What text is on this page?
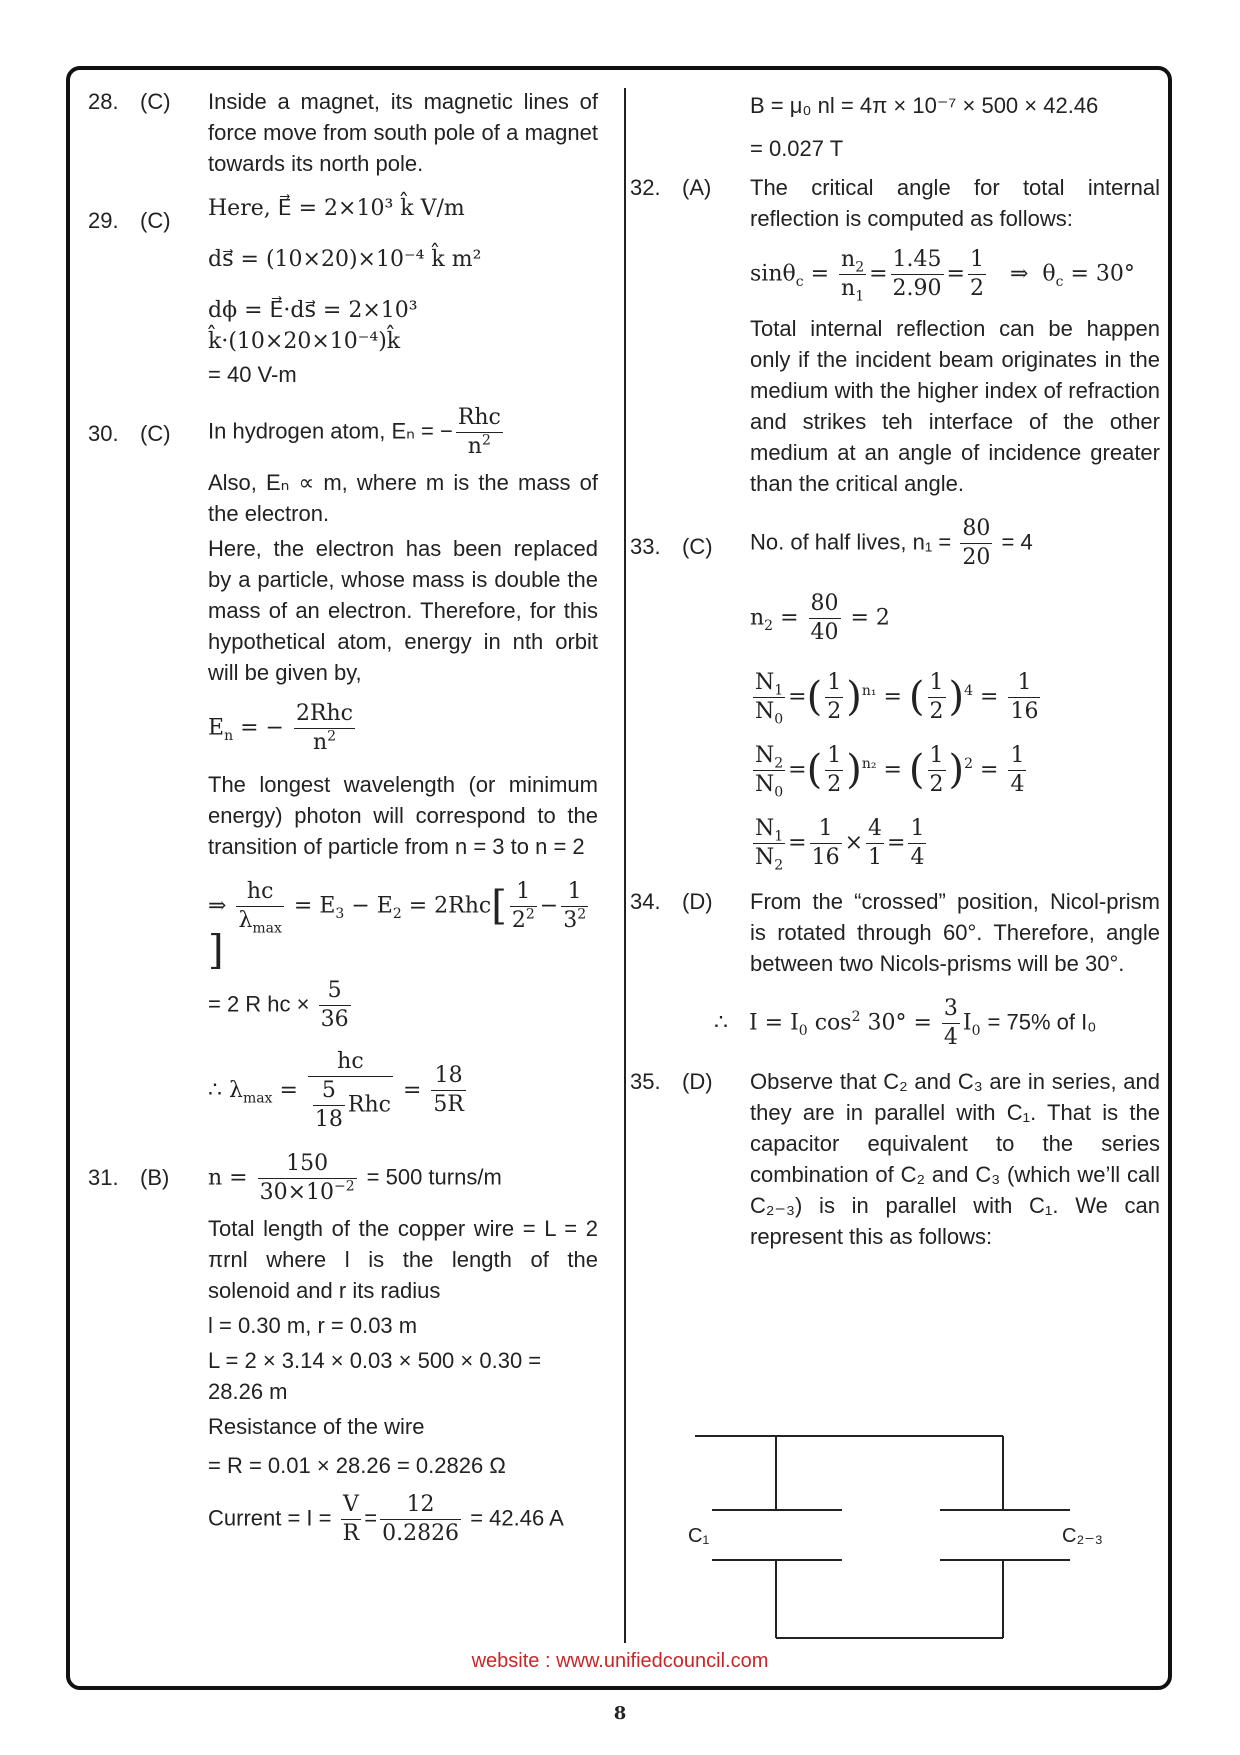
28. (C) Inside a magnet, its magnetic lines of force move from south pole of a magnet towards its north pole.
29. (C) Here, E⃗ = 2×10³ k̂ V/m
ds⃗ = (10×20)×10⁻⁴ k̂ m²
dϕ = E⃗·ds⃗ = 2×10³ k̂·(10×20×10⁻⁴)k̂
= 40 V-m
30. (C) In hydrogen atom, Eₙ = − $\frac{\text{Rhc}}{n^2}$
Also, Eₙ ∝ m, where m is the mass of the electron.
Here, the electron has been replaced by a particle, whose mass is double the mass of an electron. Therefore, for this hypothetical atom, energy in nth orbit will be given by,
$E_n$ = − $\frac{\text{2Rhc}}{n^2}$
The longest wavelength (or minimum energy) photon will correspond to the transition of particle from n = 3 to n = 2
⇒ $\frac{hc}{\lambda_{max}} = E_3 - E_2 = 2Rhc[ \frac{1}{2^2} - \frac{1}{3^2}$
]
= 2 R hc × $\frac{5}{36}$
∴ $\lambda_{max} = \frac{hc}{\frac{5}{18} Rhc} = \frac{18}{5R}$
31. (B) $n = \frac{150}{30\times 10^{-2}} = 500$ turns/m
Total length of the copper wire = L = 2 πrnl where l is the length of the solenoid and r its radius
l = 0.30 m, r = 0.03 m
L = 2 × 3.14 × 0.03 × 500 × 0.30 = 28.26 m
Resistance of the wire
= R = 0.01 × 28.26 = 0.2826 Ω
Current = $I = \frac{V}{R} = \frac{12}{0.2826} = 42.46$ A
B = μ₀ nl = 4π × 10⁻⁷ × 500 × 42.46
= 0.027 T
32. (A) The critical angle for total internal reflection is computed as follows:
$\sin\theta_c = \frac{n_2}{n_1} = \frac{1.45}{2.90} = \frac{1}{2}$ ⇒  $\theta_c = 30^\circ$
Total internal reflection can be happen only if the incident beam originates in the medium with the higher index of refraction and strikes teh interface of the other medium at an angle of incidence greater than the critical angle.
33. (C) No. of half lives, $n_1 = \frac{80}{20} = 4$
$n_2 = \frac{80}{40} = 2$
$\frac{N_1}{N_0}$ =( $\frac{1}{2} )^{n_1}$ = ( $\frac{1}{2} )^4 = \frac{1}{16}$
$\frac{N_2}{N_0}$ =( $\frac{1}{2} )^{n_2}$ = ( $\frac{1}{2} )^2 = \frac{1}{4}$
$\frac{N_1}{N_2} = \frac{1}{16} \times \frac{4}{1} = \frac{1}{4}$
34. (D) From the “crossed” position, Nicol-prism is rotated through 60°. Therefore, angle between two Nicols-prisms will be 30°.
∴   $I = I_0$ $\cos^2 30^\circ = \frac{3}{4} I_0 = 75\%$ of I₀
35. (D) Observe that C₂ and C₃ are in series, and they are in parallel with C₁. That is the capacitor equivalent to the series combination of C₂ and C₃ (which we’ll call C₂₋₃) is in parallel with C₁. We can represent this as follows:
C₁	C₂₋₃
website : www.unifiedcouncil.com
8
